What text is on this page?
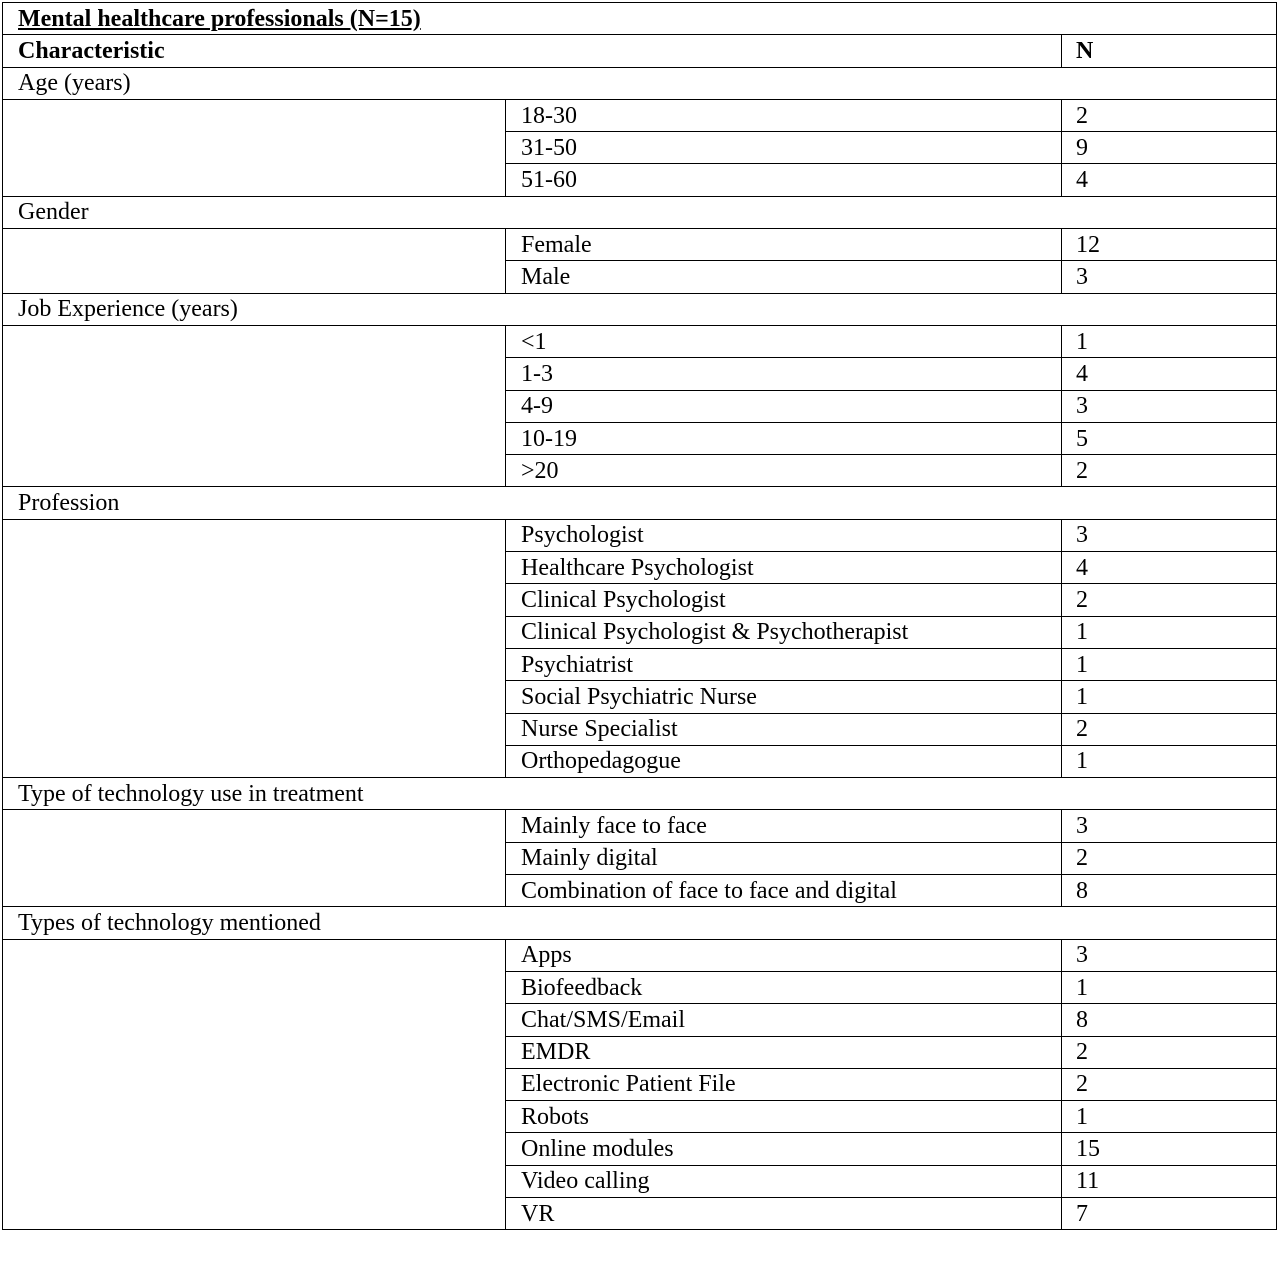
Mental healthcare professionals (N=15)		
Characteristic		N
Age (years)		
	18-30	2
	31-50	9
	51-60	4
Gender		
	Female	12
	Male	3
Job Experience (years)		
	<1	1
	1-3	4
	4-9	3
	10-19	5
	>20	2
Profession		
	Psychologist	3
	Healthcare Psychologist	4
	Clinical Psychologist	2
	Clinical Psychologist & Psychotherapist	1
	Psychiatrist	1
	Social Psychiatric Nurse	1
	Nurse Specialist	2
	Orthopedagogue	1
Type of technology use in treatment		
	Mainly face to face	3
	Mainly digital	2
	Combination of face to face and digital	8
Types of technology mentioned		
	Apps	3
	Biofeedback	1
	Chat/SMS/Email	8
	EMDR	2
	Electronic Patient File	2
	Robots	1
	Online modules	15
	Video calling	11
	VR	7
